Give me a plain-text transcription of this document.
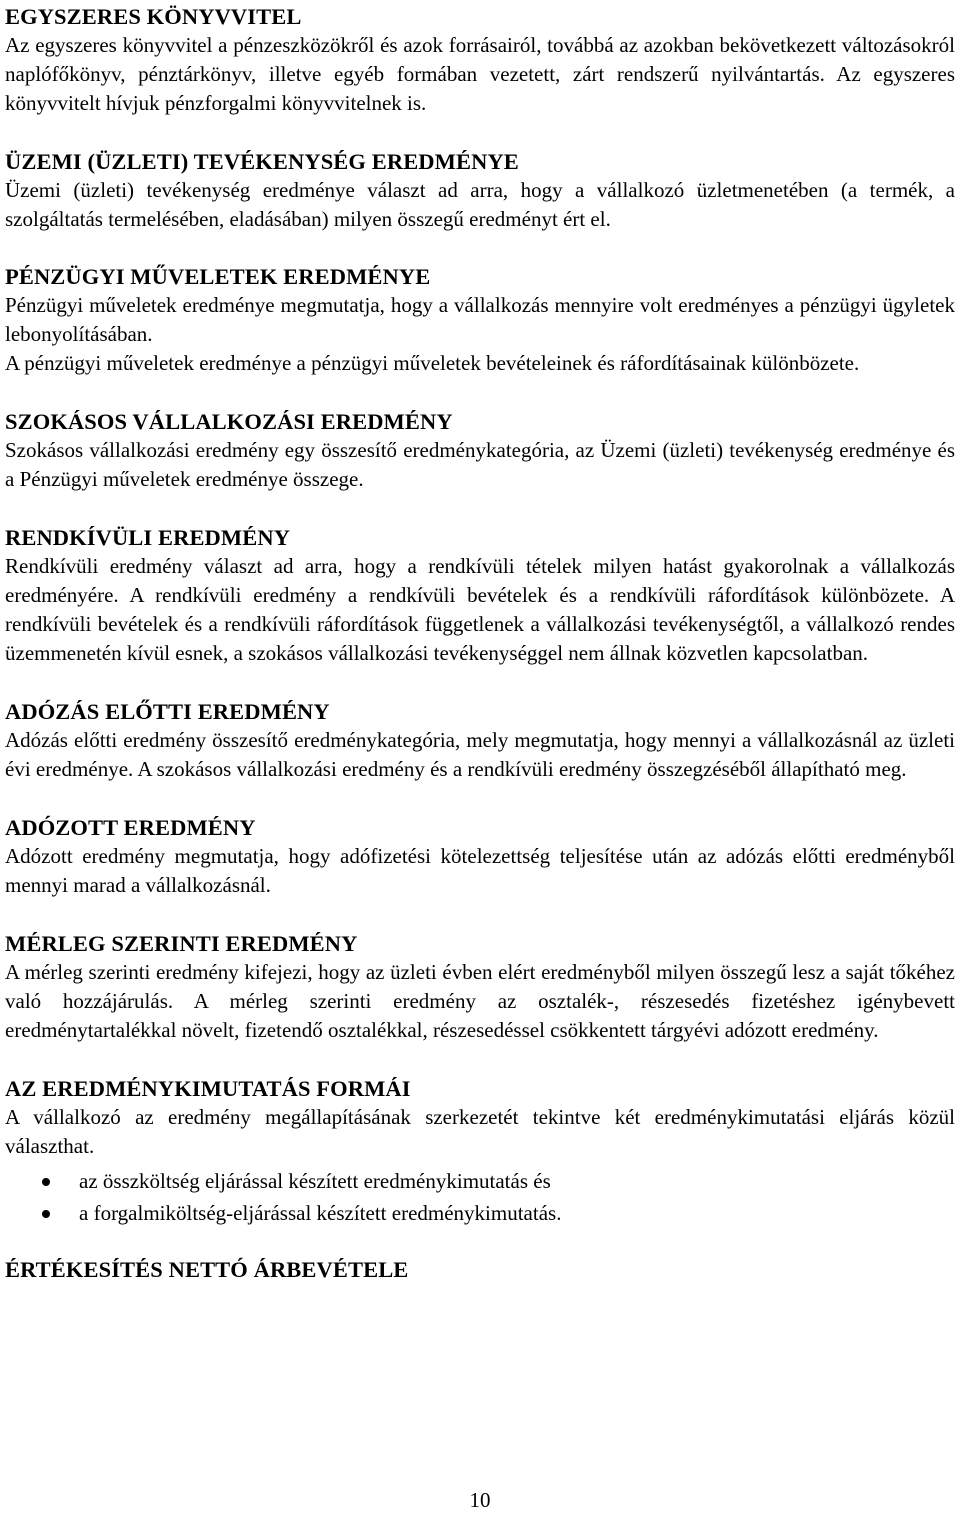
EGYSZERES KÖNYVVITEL

Az egyszeres könyvvitel a pénzeszközökről és azok forrásairól, továbbá az azokban bekövetkezett változásokról naplófőkönyv, pénztárkönyv, illetve egyéb formában vezetett, zárt rendszerű nyilvántartás. Az egyszeres könyvvitelt hívjuk pénzforgalmi könyvvitelnek is.

ÜZEMI (ÜZLETI) TEVÉKENYSÉG EREDMÉNYE

Üzemi (üzleti) tevékenység eredménye választ ad arra, hogy a vállalkozó üzletmenetében (a termék, a szolgáltatás termelésében, eladásában) milyen összegű eredményt ért el.

PÉNZÜGYI MŰVELETEK EREDMÉNYE

Pénzügyi műveletek eredménye megmutatja, hogy a vállalkozás mennyire volt eredményes a pénzügyi ügyletek lebonyolításában.

A pénzügyi műveletek eredménye a pénzügyi műveletek bevételeinek és ráfordításainak különbözete.

SZOKÁSOS VÁLLALKOZÁSI EREDMÉNY

Szokásos vállalkozási eredmény egy összesítő eredménykategória, az Üzemi (üzleti) tevékenység eredménye és a Pénzügyi műveletek eredménye összege.

RENDKÍVÜLI EREDMÉNY

Rendkívüli eredmény választ ad arra, hogy a rendkívüli tételek milyen hatást gyakorolnak a vállalkozás eredményére. A rendkívüli eredmény a rendkívüli bevételek és a rendkívüli ráfordítások különbözete. A rendkívüli bevételek és a rendkívüli ráfordítások függetlenek a vállalkozási tevékenységtől, a vállalkozó rendes üzemmenetén kívül esnek, a szokásos vállalkozási tevékenységgel nem állnak közvetlen kapcsolatban.

ADÓZÁS ELŐTTI EREDMÉNY

Adózás előtti eredmény összesítő eredménykategória, mely megmutatja, hogy mennyi a vállalkozásnál az üzleti évi eredménye. A szokásos vállalkozási eredmény és a rendkívüli eredmény összegzéséből állapítható meg.

ADÓZOTT EREDMÉNY

Adózott eredmény megmutatja, hogy adófizetési kötelezettség teljesítése után az adózás előtti eredményből mennyi marad a vállalkozásnál.

MÉRLEG SZERINTI EREDMÉNY

A mérleg szerinti eredmény kifejezi, hogy az üzleti évben elért eredményből milyen összegű lesz a saját tőkéhez való hozzájárulás. A mérleg szerinti eredmény az osztalék-, részesedés fizetéshez igénybevett eredménytartalékkal növelt, fizetendő osztalékkal, részesedéssel csökkentett tárgyévi adózott eredmény.

AZ EREDMÉNYKIMUTATÁS FORMÁI

A vállalkozó az eredmény megállapításának szerkezetét tekintve két eredménykimutatási eljárás közül választhat.

az összköltség eljárással készített eredménykimutatás és
a forgalmiköltség-eljárással készített eredménykimutatás.
ÉRTÉKESÍTÉS NETTÓ ÁRBEVÉTELE
10
